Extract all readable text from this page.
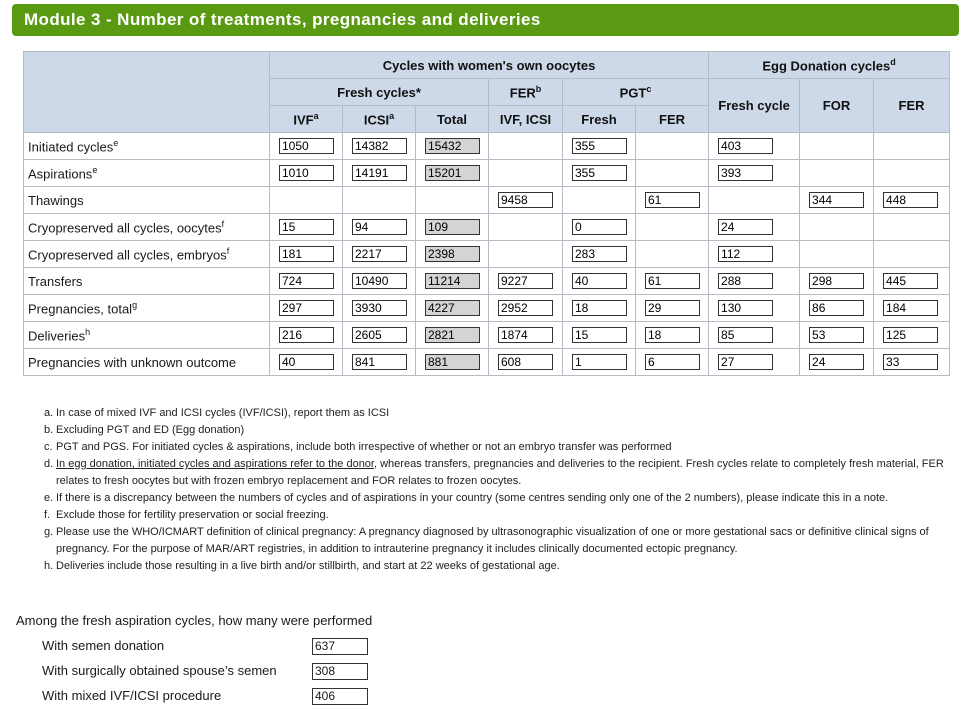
Module 3 - Number of treatments, pregnancies and deliveries
	Cycles with women's own oocytes						Egg Donation cycles$^d$
	Fresh cycles*			FER$^b$	PGT$^c$		Fresh cycle	FOR	FER
	IVF$^a$	ICSI$^a$	Total	IVF, ICSI	Fresh	FER			
Initiated cycles$^e$	1050	14382	15432		355		403		

Aspirations$^e$	1010	14191	15201		355		393		

Thawings				9458		61		344	448

Cryopreserved all cycles, oocytes$^f$	15	94	109		0		24		

Cryopreserved all cycles, embryos$^f$	181	2217	2398		283		112		

Transfers	724	10490	11214	9227	40	61	288	298	445

Pregnancies, total$^g$	297	3930	4227	2952	18	29	130	86	184

Deliveries$^h$	216	2605	2821	1874	15	18	85	53	125

Pregnancies with unknown outcome	40	841	881	608	1	6	27	24	33
a. In case of mixed IVF and ICSI cycles (IVF/ICSI), report them as ICSI
b. Excluding PGT and ED (Egg donation)
c. PGT and PGS. For initiated cycles & aspirations, include both irrespective of whether or not an embryo transfer was performed
d. In egg donation, initiated cycles and aspirations refer to the donor, whereas transfers, pregnancies and deliveries to the recipient. Fresh cycles relate to completely fresh material, FER relates to fresh oocytes but with frozen embryo replacement and FOR relates to frozen oocytes.
e. If there is a discrepancy between the numbers of cycles and of aspirations in your country (some centres sending only one of the 2 numbers), please indicate this in a note.
f. Exclude those for fertility preservation or social freezing.
g. Please use the WHO/ICMART definition of clinical pregnancy: A pregnancy diagnosed by ultrasonographic visualization of one or more gestational sacs or definitive clinical signs of pregnancy. For the purpose of MAR/ART registries, in addition to intrauterine pregnancy it includes clinically documented ectopic pregnancy.
h. Deliveries include those resulting in a live birth and/or stillbirth, and start at 22 weeks of gestational age.
Among the fresh aspiration cycles, how many were performed
With semen donation	637
With surgically obtained spouse’s semen	308
With mixed IVF/ICSI procedure	406
